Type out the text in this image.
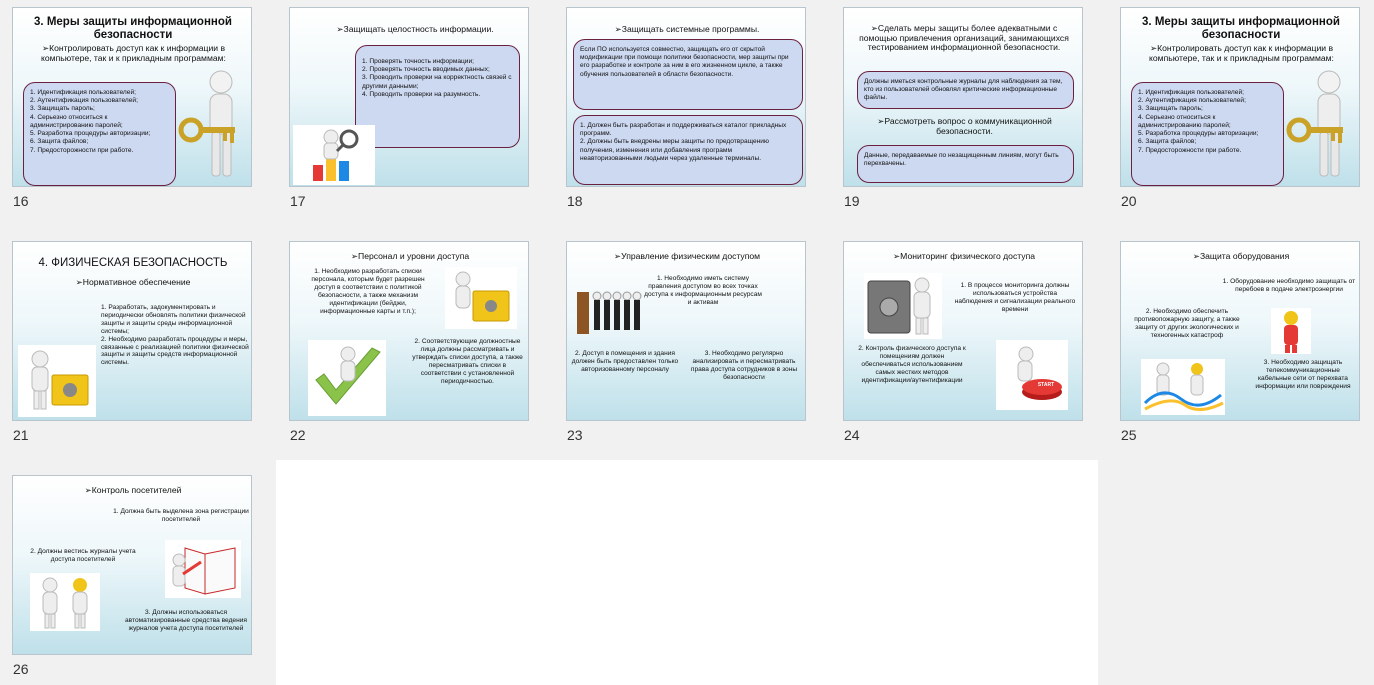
3. Меры защиты информационной безопасности
➢Контролировать доступ как к информации в компьютере, так и к прикладным программам:
1. Идентификация пользователей;
2. Аутентификация пользователей;
3. Защищать пароль;
4. Серьезно относиться к администрированию паролей;
5. Разработка процедуры авторизации;
6. Защита файлов;
7. Предосторожности при работе.
16
➢Защищать целостность информации.
1. Проверять точность информации;
2. Проверять точность вводимых данных;
3. Проводить проверки на корректность связей с другими данными;
4. Проводить проверки на разумность.
17
➢Защищать системные программы.
Если ПО используется совместно, защищать его от скрытой модификации при помощи политики безопасности, мер защиты при его разработке и контроле за ним в его жизненном цикле, а также обучения пользователей в области безопасности.
1. Должен быть разработан и поддерживаться каталог прикладных программ.
2. Должны быть внедрены меры защиты по предотвращению получения, изменения или добавления программ неавторизованными людьми через удаленные терминалы.
18
➢Сделать меры защиты более адекватными с помощью привлечения организаций, занимающихся тестированием информационной безопасности.
Должны иметься контрольные журналы для наблюдения за тем, кто из пользователей обновлял критические информационные файлы.
➢Рассмотреть вопрос о коммуникационной безопасности.
Данные, передаваемые по незащищенным линиям, могут быть перехвачены.
19
3. Меры защиты информационной безопасности
➢Контролировать доступ как к информации в компьютере, так и к прикладным программам:
1. Идентификация пользователей;
2. Аутентификация пользователей;
3. Защищать пароль;
4. Серьезно относиться к администрированию паролей;
5. Разработка процедуры авторизации;
6. Защита файлов;
7. Предосторожности при работе.
20
4. ФИЗИЧЕСКАЯ БЕЗОПАСНОСТЬ
➢Нормативное обеспечение
1. Разработать, задокументировать и периодически обновлять политики физической защиты и защиты среды информационной системы;
2. Необходимо разработать процедуры и меры, связанные с реализацией политики физической защиты и защиты средств информационной системы.
21
➢Персонал и уровни доступа
1. Необходимо разработать списки персонала, которым будет разрешен доступ в соответствии с политикой безопасности, а также механизм идентификации (бейджи, информационные карты и т.п.);
2. Соответствующие должностные лица должны рассматривать и утверждать списки доступа, а также пересматривать списки в соответствии с установленной периодичностью.
22
➢Управление физическим доступом
1. Необходимо иметь систему правления доступом во всех точках доступа к информационным ресурсам и активам
2. Доступ в помещения и здания должен быть предоставлен только авторизованному персоналу
3. Необходимо регулярно анализировать и пересматривать права доступа сотрудников в зоны безопасности
23
➢Мониторинг физического доступа
1. В процессе мониторинга должны использоваться устройства наблюдения и сигнализации реального времени
2. Контроль физического доступа к помещениям должен обеспечиваться использованием самых жестких методов идентификации/аутентификации
START
24
➢Защита оборудования
1. Оборудование необходимо защищать от перебоев в подаче электроэнергии
2. Необходимо обеспечить противопожарную защиту, а также защиту от других экологических и техногенных катастроф
3. Необходимо защищать телекоммуникационные кабельные сети от перехвата информации или повреждения
25
➢Контроль посетителей
1. Должна быть выделена зона регистрации посетителей
2. Должны вестись журналы учета доступа посетителей
3. Должны использоваться автоматизированные средства ведения журналов учета доступа посетителей
26
